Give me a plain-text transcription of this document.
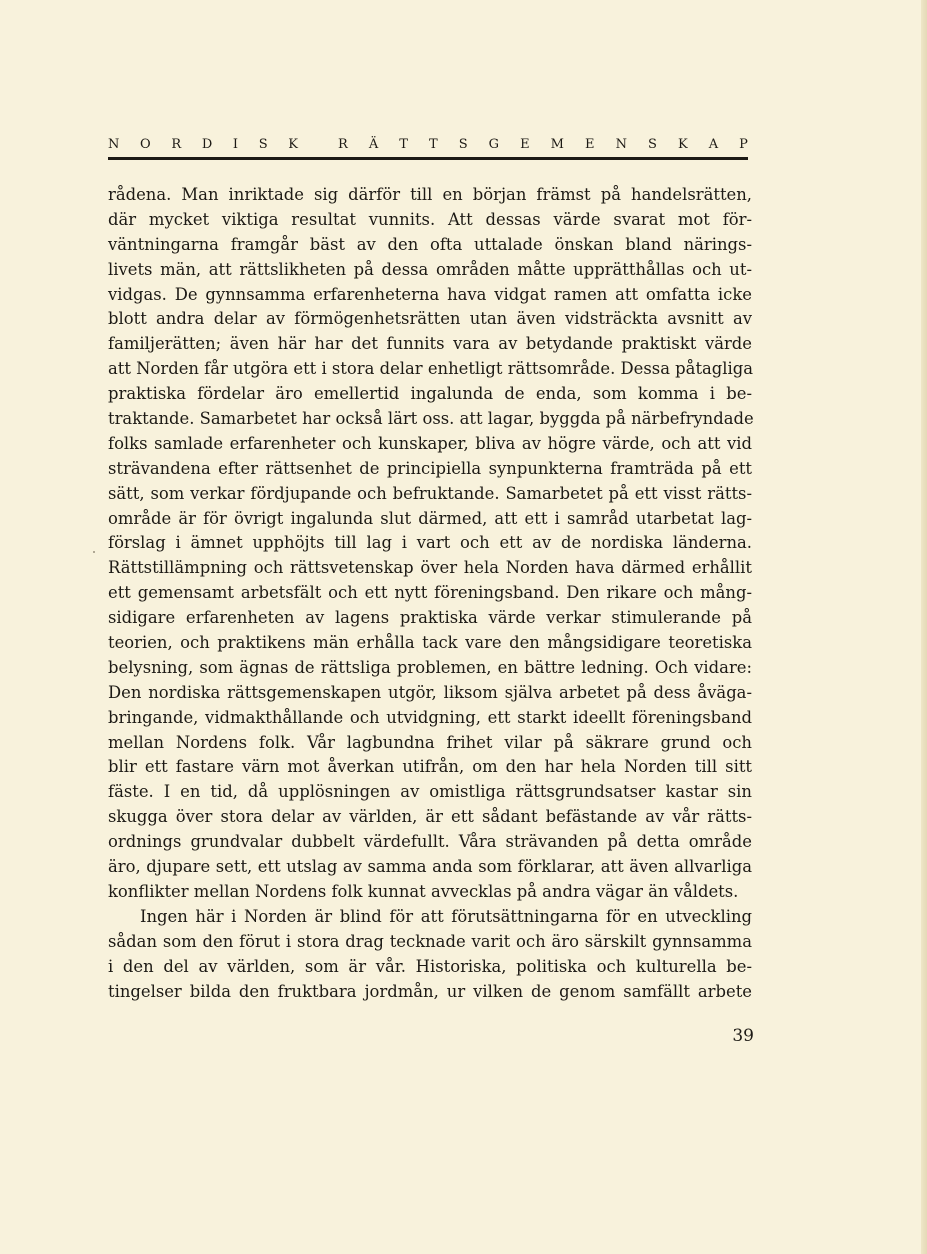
N O R D I S K	R Ä T T S G E M E N S K A P
rådena. Man inriktade sig därför till en början främst på handelsrätten,
där mycket viktiga resultat vunnits. Att dessas värde svarat mot för-
väntningarna framgår bäst av den ofta uttalade önskan bland närings-
livets män, att rättslikheten på dessa områden måtte upprätthållas och ut-
vidgas. De gynnsamma erfarenheterna hava vidgat ramen att omfatta icke
blott andra delar av förmögenhetsrätten utan även vidsträckta avsnitt av
familjerätten; även här har det funnits vara av betydande praktiskt värde
att Norden får utgöra ett i stora delar enhetligt rättsområde. Dessa påtagliga
praktiska fördelar äro emellertid ingalunda de enda, som komma i be-
traktande. Samarbetet har också lärt oss. att lagar, byggda på närbefryndade
folks samlade erfarenheter och kunskaper, bliva av högre värde, och att vid
strävandena efter rättsenhet de principiella synpunkterna framträda på ett
sätt, som verkar fördjupande och befruktande. Samarbetet på ett visst rätts-
område är för övrigt ingalunda slut därmed, att ett i samråd utarbetat lag-
förslag i ämnet upphöjts till lag i vart och ett av de nordiska länderna.
Rättstillämpning och rättsvetenskap över hela Norden hava därmed erhållit
ett gemensamt arbetsfält och ett nytt föreningsband. Den rikare och mång-
sidigare erfarenheten av lagens praktiska värde verkar stimulerande på
teorien, och praktikens män erhålla tack vare den mångsidigare teoretiska
belysning, som ägnas de rättsliga problemen, en bättre ledning. Och vidare:
Den nordiska rättsgemenskapen utgör, liksom själva arbetet på dess åväga-
bringande, vidmakthållande och utvidgning, ett starkt ideellt föreningsband
mellan Nordens folk. Vår lagbundna frihet vilar på säkrare grund och
blir ett fastare värn mot åverkan utifrån, om den har hela Norden till sitt
fäste. I en tid, då upplösningen av omistliga rättsgrundsatser kastar sin
skugga över stora delar av världen, är ett sådant befästande av vår rätts-
ordnings grundvalar dubbelt värdefullt. Våra strävanden på detta område
äro, djupare sett, ett utslag av samma anda som förklarar, att även allvarliga
konflikter mellan Nordens folk kunnat avvecklas på andra vägar än våldets.
Ingen här i Norden är blind för att förutsättningarna för en utveckling
sådan som den förut i stora drag tecknade varit och äro särskilt gynnsamma
i den del av världen, som är vår. Historiska, politiska och kulturella be-
tingelser bilda den fruktbara jordmån, ur vilken de genom samfällt arbete
39
